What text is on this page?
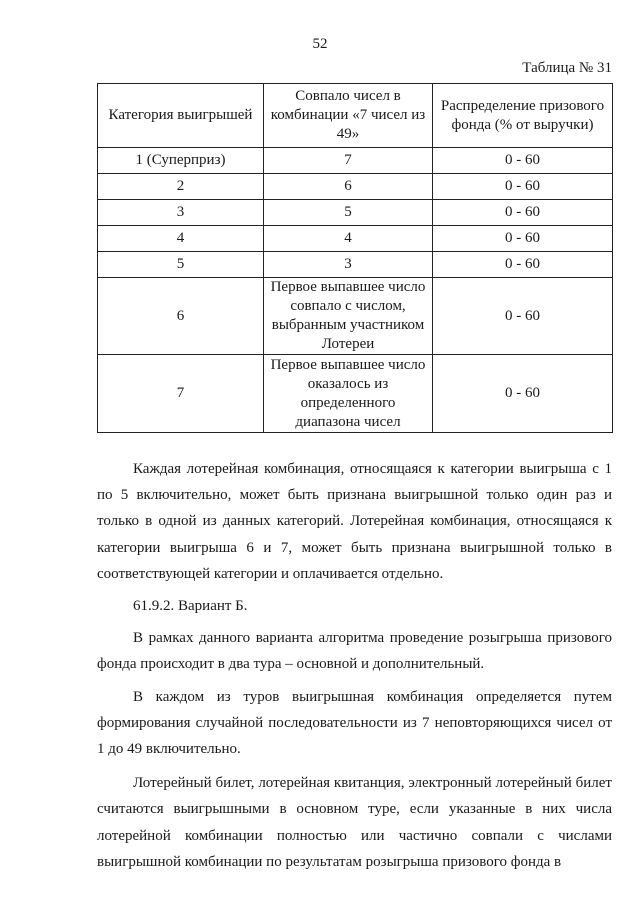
52
Таблица № 31
Категория выигрышей	Совпало чисел в комбинации «7 чисел из 49»	Распределение призового фонда (% от выручки)
1 (Суперприз)	7	0 - 60
2	6	0 - 60
3	5	0 - 60
4	4	0 - 60
5	3	0 - 60
6	Первое выпавшее число совпало с числом, выбранным участником Лотереи	0 - 60
7	Первое выпавшее число оказалось из определенного диапазона чисел	0 - 60

Каждая лотерейная комбинация, относящаяся к категории выигрыша с 1 по 5 включительно, может быть признана выигрышной только один раз и только в одной из данных категорий. Лотерейная комбинация, относящаяся к категории выигрыша 6 и 7, может быть признана выигрышной только в соответствующей категории и оплачивается отдельно.

61.9.2. Вариант Б.

В рамках данного варианта алгоритма проведение розыгрыша призового фонда происходит в два тура – основной и дополнительный.

В каждом из туров выигрышная комбинация определяется путем формирования случайной последовательности из 7 неповторяющихся чисел от 1 до 49 включительно.

Лотерейный билет, лотерейная квитанция, электронный лотерейный билет считаются выигрышными в основном туре, если указанные в них числа лотерейной комбинации полностью или частично совпали с числами выигрышной комбинации по результатам розыгрыша призового фонда в
